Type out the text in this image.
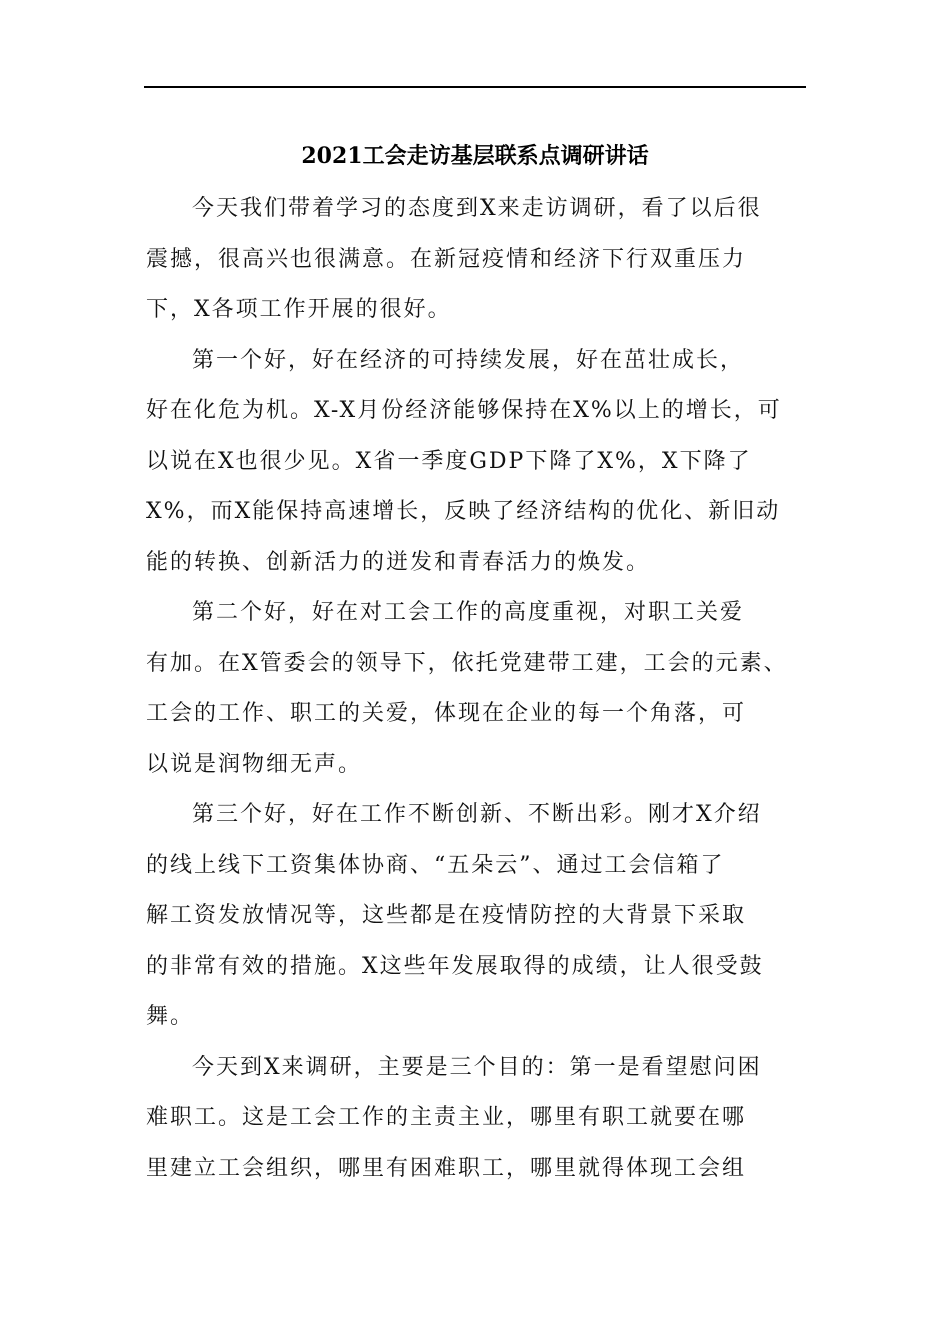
2021工会走访基层联系点调研讲话
今天我们带着学习的态度到X来走访调研，看了以后很
震撼，很高兴也很满意。在新冠疫情和经济下行双重压力
下，X各项工作开展的很好。
第一个好，好在经济的可持续发展，好在茁壮成长，
好在化危为机。X-X月份经济能够保持在X%以上的增长，可
以说在X也很少见。X省一季度GDP下降了X%，X下降了
X%，而X能保持高速增长，反映了经济结构的优化、新旧动
能的转换、创新活力的迸发和青春活力的焕发。
第二个好，好在对工会工作的高度重视，对职工关爱
有加。在X管委会的领导下，依托党建带工建，工会的元素、
工会的工作、职工的关爱，体现在企业的每一个角落，可
以说是润物细无声。
第三个好，好在工作不断创新、不断出彩。刚才X介绍
的线上线下工资集体协商、“五朵云”、通过工会信箱了
解工资发放情况等，这些都是在疫情防控的大背景下采取
的非常有效的措施。X这些年发展取得的成绩，让人很受鼓
舞。
今天到X来调研，主要是三个目的：第一是看望慰问困
难职工。这是工会工作的主责主业，哪里有职工就要在哪
里建立工会组织，哪里有困难职工，哪里就得体现工会组
